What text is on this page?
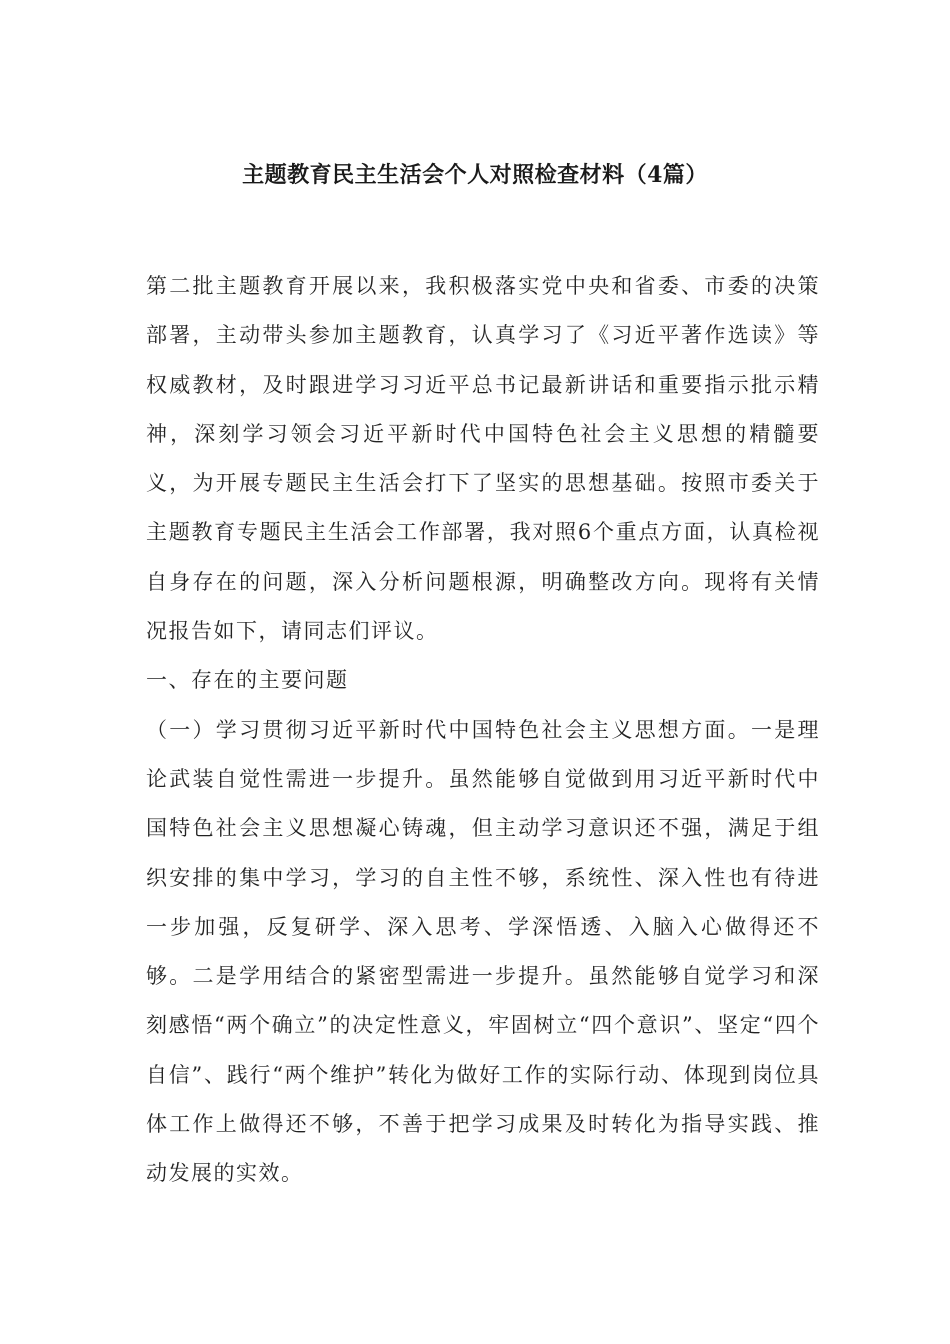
主题教育民主生活会个人对照检查材料（4篇）

第二批主题教育开展以来，我积极落实党中央和省委、市委的决策部署，主动带头参加主题教育，认真学习了《习近平著作选读》等权威教材，及时跟进学习习近平总书记最新讲话和重要指示批示精神，深刻学习领会习近平新时代中国特色社会主义思想的精髓要义，为开展专题民主生活会打下了坚实的思想基础。按照市委关于主题教育专题民主生活会工作部署，我对照6个重点方面，认真检视自身存在的问题，深入分析问题根源，明确整改方向。现将有关情况报告如下，请同志们评议。

一、存在的主要问题

（一）学习贯彻习近平新时代中国特色社会主义思想方面。一是理论武装自觉性需进一步提升。虽然能够自觉做到用习近平新时代中国特色社会主义思想凝心铸魂，但主动学习意识还不强，满足于组织安排的集中学习，学习的自主性不够，系统性、深入性也有待进一步加强，反复研学、深入思考、学深悟透、入脑入心做得还不够。二是学用结合的紧密型需进一步提升。虽然能够自觉学习和深刻感悟“两个确立”的决定性意义，牢固树立“四个意识”、坚定“四个自信”、践行“两个维护”转化为做好工作的实际行动、体现到岗位具体工作上做得还不够，不善于把学习成果及时转化为指导实践、推动发展的实效。
